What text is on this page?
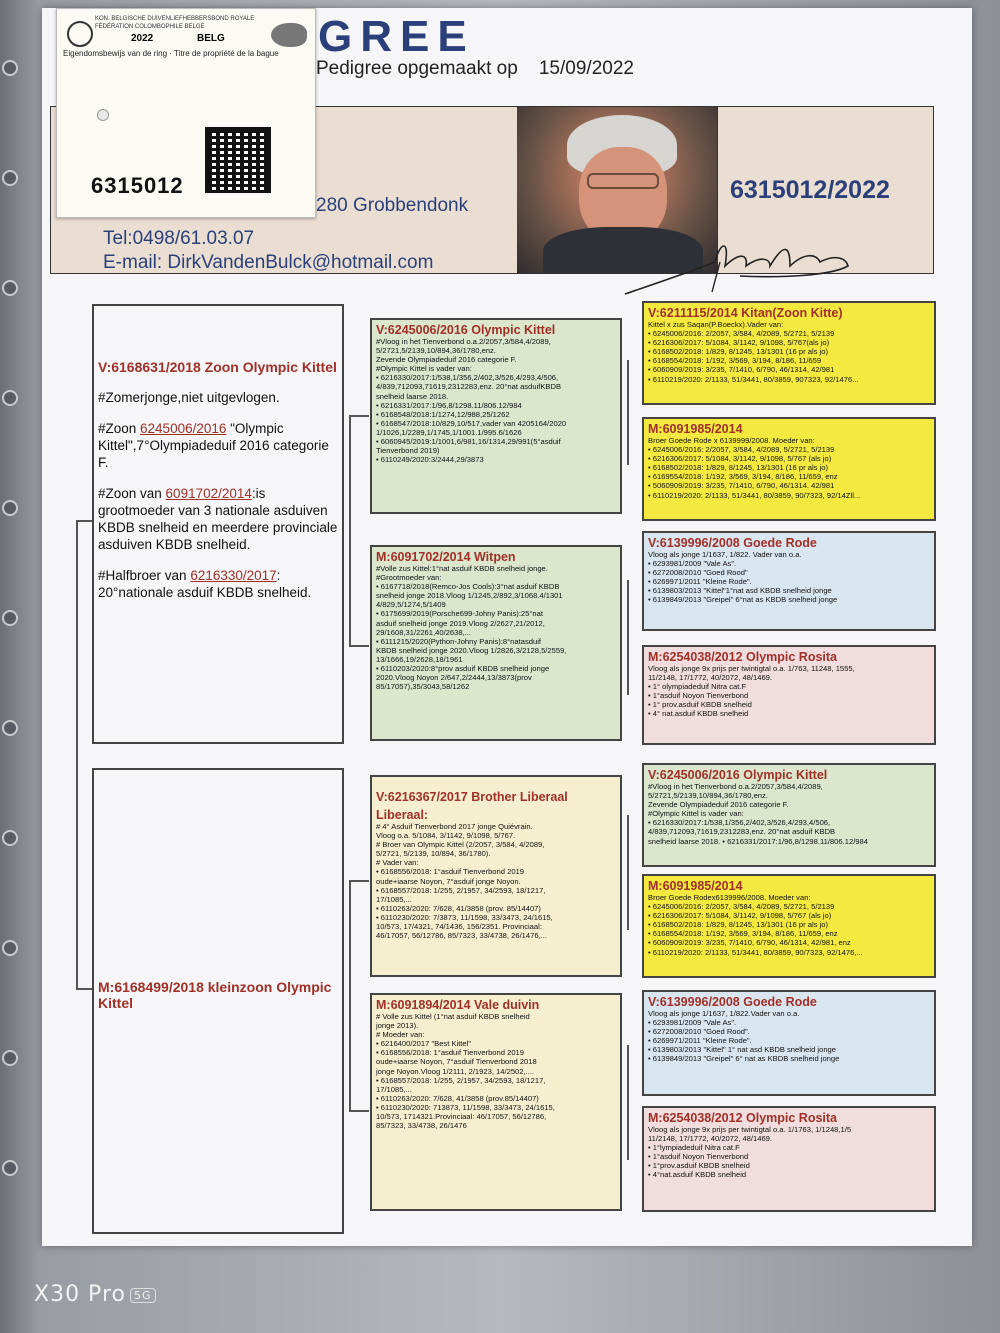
GREE
Pedigree opgemaakt op    15/09/2022
280 Grobbendonk
Tel:0498/61.03.07
E-mail: DirkVandenBulck@hotmail.com
6315012/2022
KON. BELGISCHE DUIVENLIEFHEBBERSBOND ROYALE FÉDÉRATION COLOMBOPHILE BELGE
2022	BELG
Eigendomsbewijs van de ring · Titre de propriété de la bague
6315012
V:6168631/2018 Zoon Olympic Kittel
#Zomerjonge,niet uitgevlogen.
#Zoon 6245006/2016 "Olympic Kittel",7°Olympiadeduif 2016 categorie F.
#Zoon van 6091702/2014:is grootmoeder van 3 nationale asduiven KBDB snelheid en meerdere provinciale asduiven KBDB snelheid.
#Halfbroer van 6216330/2017: 20°nationale asduif KBDB snelheid.
M:6168499/2018 kleinzoon Olympic Kittel
V:6245006/2016 Olympic Kittel
#Vloog in het Tienverbond o.a.2/2057,3/584,4/2089,
5/2721,5/2139,10/894,36/1780,enz.
Zevende Olympiadeduif 2016 categorie F.
#Olympic Kittel is vader van:
• 6216330/2017:1/538,1/356,2/402,3/526,4/293,4/506,
4/839,712093,71619,2312283,enz. 20°nat asduifKBDB
snelheid laarse 2018.
• 6216331/2017:1/96,8/1298.11/806.12/984
• 6168548/2018:1/1274,12/988,25/1262
• 6168547/2018:10/829,10/517,vader van 4205164/2020
1/1026,1/2289,1/1745,1/1001.1/995.6/1626
• 6060945/2019:1/1001,6/981,16/1314,29/991(5°asduif
Tienverbond 2019)
• 6110249/2020:3/2444,29/3873
M:6091702/2014 Witpen
#Volle zus Kittel:1°nat asduif KBDB snelheid jonge.
#Grootmoeder van:
• 6167718/2018(Remco-Jos Cools):3°nat asduif KBDB
snelheid jonge 2018.Vloog 1/1245,2/892,3/1068.4/1301
4/829,5/1274,5/1409
• 6175699/2019(Porsche699-Johny Panis):25°nat
asduif snelheid jonge 2019.Vloog 2/2627,21/2012,
29/1608,31/2261,40/2638,...
• 6111215/2020(Python-Johny Panis):8°natasduif
KBDB snelheid jonge 2020.Vloog 1/2826,3/2128,5/2559,
13/1666,19/2628,18/1961
• 6110203/2020:8°prov asduif KBDB snelheid jonge
2020.Vloog Noyon 2/647,2/2444,13/3873(prov
85/17057),35/3043,58/1262
V:6216367/2017 Brother Liberaal
Liberaal:
# 4° Asduif Tienverbond 2017 jonge Quiévrain.
Vloog o.a. 5/1084, 3/1142, 9/1098, 5/767.
# Broer van Olympic Kittel (2/2057, 3/584, 4/2089,
5/2721, 5/2139, 10/894, 36/1780).
# Vader van:
• 6168556/2018: 1°asduif Tienverbond 2019
oude+iaarse Noyon, 7°asduif jonge Noyon.
• 6168557/2018: 1/255, 2/1957, 34/2593, 18/1217,
17/1085,...
• 6110263/2020: 7/628, 41/3858 (prov. 85/14407)
• 6110230/2020: 7/3873, 11/1598, 33/3473, 24/1615,
10/573, 17/4321, 74/1436, 156/2351. Provinciaal:
46/17057, 56/12786, 85/7323, 33/4738, 26/1476,...
M:6091894/2014 Vale duivin
# Volle zus Kittel (1°nat asduif KBDB snelheid
jonge 2013).
# Moeder van:
• 6216400/2017 "Best Kittel"
• 6168556/2018: 1°asduif Tienverbond 2019
oude+iaarse Noyon, 7°asduif Tienverbond 2018
jonge Noyon.Vloog 1/2111, 2/1923, 14/2502,....
• 6168557/2018: 1/255, 2/1957, 34/2593, 18/1217,
17/1085,...
• 6110263/2020: 7/628, 41/3858 (prov.85/14407)
• 6110230/2020: 713873, 11/1598, 33/3473, 24/1615,
10/573, 1714321.Provinciaal: 46/17057, 56/12786,
85/7323, 33/4738, 26/1476
V:6211115/2014 Kitan(Zoon Kitte)
Kittel x zus Saqan(P.Boeckx).Vader van:
• 6245006/2016: 2/2057, 3/584, 4/2089, 5/2721, 5/2139
• 6216306/2017: 5/1084, 3/1142, 9/1098, 5/767(als jo)
• 6168502/2018: 1/829, 8/1245, 13/1301 (16 pr als jo)
• 6168554/2018: 1/192, 3/569, 3/194, 8/186, 11/659
• 6060909/2019: 3/235, 7/1410, 6/790, 46/1314, 42/981
• 6110219/2020: 2/1133, 51/3441, 80/3859, 907323, 92/1476...
M:6091985/2014
Broer Goede Rode x 6139999/2008. Moeder van:
• 6245006/2016: 2/2057, 3/584, 4/2089, 5/2721, 5/2139
• 6216306/2017: 5/1084, 3/1142, 9/1098, 5/767 (als jo)
• 6168502/2018: 1/829, 8/1245, 13/1301 (16 pr als jo)
• 6169554/2018: 1/192, 3/569, 3/194, 8/186, 11/659, enz
• 5060909/2019: 3/235, 7/1410, 6/790, 46/1314. 42/981
• 6110219/2020: 2/1133, 51/3441, 80/3859, 90/7323, 92/14Zll...
V:6139996/2008 Goede Rode
Vloog als jonge 1/1637, 1/822. Vader van o.a.
• 6293981/2009 "Vale As".
• 6272008/2010 "Goed Rood"
• 6269971/2011 "Kleine Rode".
• 6139803/2013 "Kittel"1°nat asd KBDB snelheid jonge
• 6139849/2013 "Greipel" 6°nat as KBDB snelheid jonge
M:6254038/2012 Olympic Rosita
Vloog als jonge 9x prijs per twintigtal o.a. 1/763, 11248, 1555,
11/2148, 17/1772, 40/2072, 48/1469.
• 1° olympiadeduif Nitra cat.F
• 1°asduif Noyon Tienverbond
• 1° prov.asduif KBDB snelheid
• 4° nat.asduif KBDB snelheid
V:6245006/2016 Olympic Kittel
#Vloog in het Tienverbond o.a.2/2057,3/584,4/2089,
5/2721,5/2139,10/894,36/1780,enz.
Zevende Olympiadeduif 2016 categorie F.
#Olympic Kittel is vader van:
• 6216330/2017:1/538,1/356,2/402,3/526,4/293,4/506,
4/839,712093,71619,2312283,enz. 20°nat asduif KBDB
snelheid laarse 2018. • 6216331/2017:1/96,8/1298.11/806.12/984
M:6091985/2014
Broer Goede Rodex6139996/2008. Moeder van:
• 6245006/2016: 2/2057, 3/584, 4/2089, 5/2721, 5/2139
• 6216306/2017: 5/1084, 3/1142, 9/1098, 5/767 (als jo)
• 6168502/2018: 1/829, 8/1245, 13/1301 (16 pr als jo)
• 6168554/2018: 1/192, 3/569, 3/194, 8/186, 11/659, enz
• 6060909/2019: 3/235, 7/1410, 6/790, 46/1314, 42/981, enz
• 6110219/2020: 2/1133, 51/3441, 80/3859, 90/7323, 92/1476,...
V:6139996/2008 Goede Rode
Vloog als jonge 1/1637, 1/822.Vader van o.a.
• 6293981/2009 "Vale As".
• 6272008/2010 "Goed Rood".
• 6269971/2011 "Kleine Rode".
• 6139803/2013 "Kittel" 1° nat asd KBDB snelheid jonge
• 6139849/2013 "Greipel" 6° nat as KBDB snelheid jonge
M:6254038/2012 Olympic Rosita
Vloog als jonge 9x prijs per twintigtal o.a. 1/1763, 1/1248,1/5
11/2148, 17/1772, 40/2072, 48/1469.
• 1°lympiadeduif Nitra cat.F
• 1°asduif Noyon Tienverbond
• 1°prov.asduif KBDB snelheid
• 4°nat.asduif KBDB snelheid
X30 Pro 5G
